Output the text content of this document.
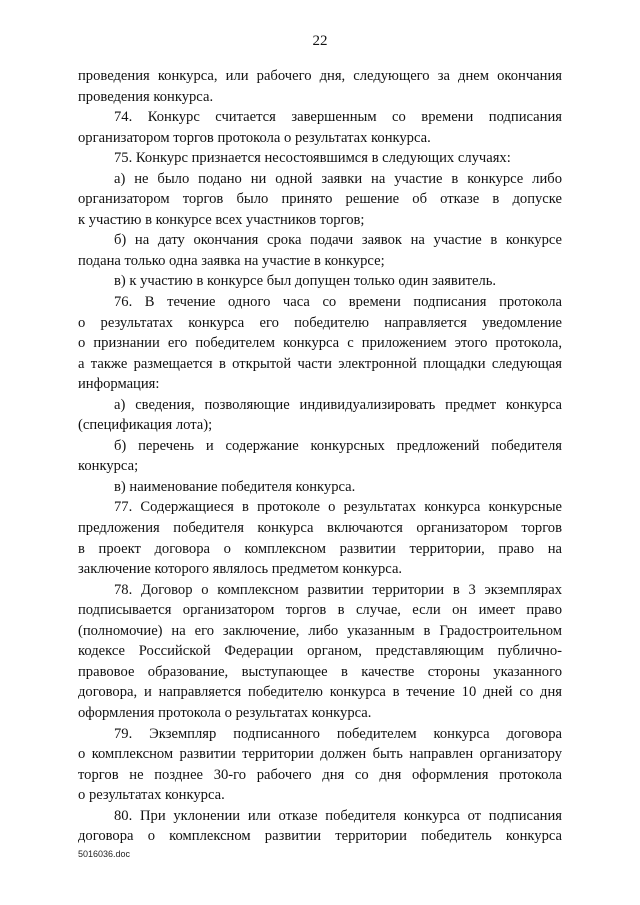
22
проведения конкурса, или рабочего дня, следующего за днем окончания
проведения конкурса.
74. Конкурс считается завершенным со времени подписания
организатором торгов протокола о результатах конкурса.
75. Конкурс признается несостоявшимся в следующих случаях:
а) не было подано ни одной заявки на участие в конкурсе либо
организатором торгов было принято решение об отказе в допуске
к участию в конкурсе всех участников торгов;
б) на дату окончания срока подачи заявок на участие в конкурсе
подана только одна заявка на участие в конкурсе;
в) к участию в конкурсе был допущен только один заявитель.
76. В течение одного часа со времени подписания протокола
о результатах конкурса его победителю направляется уведомление
о признании его победителем конкурса с приложением этого протокола,
а также размещается в открытой части электронной площадки следующая
информация:
а) сведения, позволяющие индивидуализировать предмет конкурса
(спецификация лота);
б) перечень и содержание конкурсных предложений победителя
конкурса;
в) наименование победителя конкурса.
77. Содержащиеся в протоколе о результатах конкурса конкурсные
предложения победителя конкурса включаются организатором торгов
в проект договора о комплексном развитии территории, право на
заключение которого являлось предметом конкурса.
78. Договор о комплексном развитии территории в 3 экземплярах
подписывается организатором торгов в случае, если он имеет право
(полномочие) на его заключение, либо указанным в Градостроительном
кодексе Российской Федерации органом, представляющим публично-
правовое образование, выступающее в качестве стороны указанного
договора, и направляется победителю конкурса в течение 10 дней со дня
оформления протокола о результатах конкурса.
79. Экземпляр подписанного победителем конкурса договора
о комплексном развитии территории должен быть направлен организатору
торгов не позднее 30-го рабочего дня со дня оформления протокола
о результатах конкурса.
80. При уклонении или отказе победителя конкурса от подписания
договора о комплексном развитии территории победитель конкурса
5016036.doc
